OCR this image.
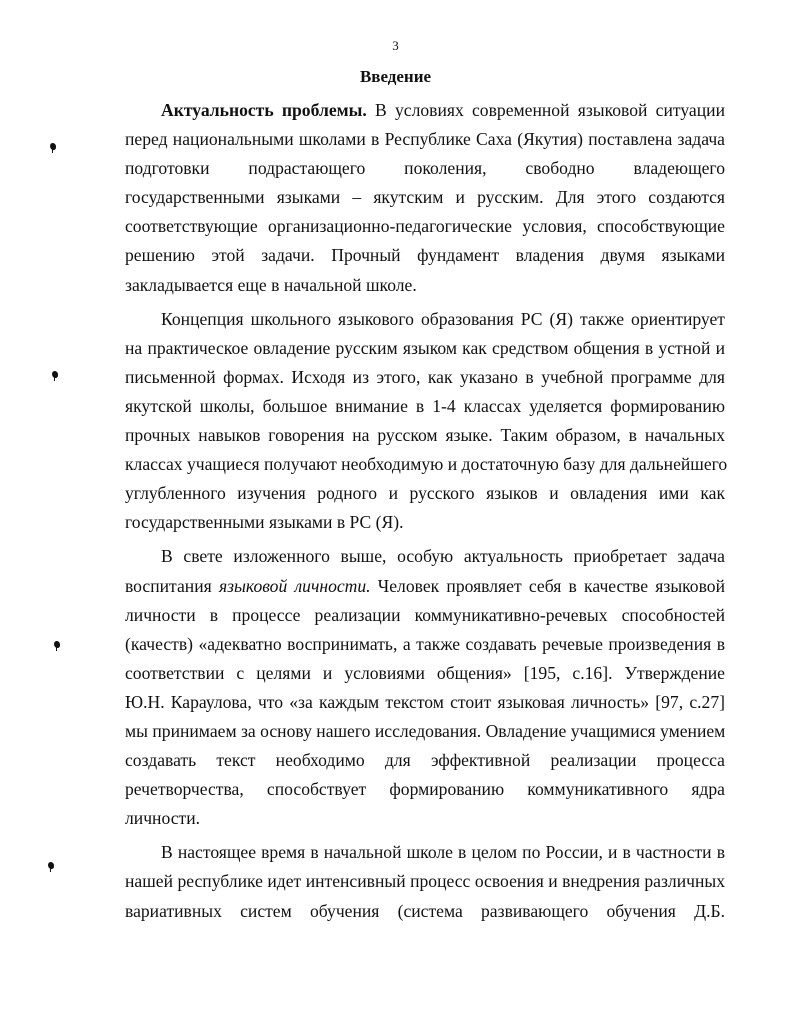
3
Введение
Актуальность проблемы. В условиях современной языковой ситуации
перед национальными школами в Республике Саха (Якутия) поставлена задача
подготовки подрастающего поколения, свободно владеющего
государственными языками – якутским и русским. Для этого создаются
соответствующие организационно-педагогические условия, способствующие
решению этой задачи. Прочный фундамент владения двумя языками
закладывается еще в начальной школе.
Концепция школьного языкового образования РС (Я) также ориентирует
на практическое овладение русским языком как средством общения в устной и
письменной формах. Исходя из этого, как указано в учебной программе для
якутской школы, большое внимание в 1-4 классах уделяется формированию
прочных навыков говорения на русском языке. Таким образом, в начальных
классах учащиеся получают необходимую и достаточную базу для дальнейшего
углубленного изучения родного и русского языков и овладения ими как
государственными языками в РС (Я).
В свете изложенного выше, особую актуальность приобретает задача
воспитания языковой личности. Человек проявляет себя в качестве языковой
личности в процессе реализации коммуникативно-речевых способностей
(качеств) «адекватно воспринимать, а также создавать речевые произведения в
соответствии с целями и условиями общения» [195, с.16]. Утверждение
Ю.Н. Караулова, что «за каждым текстом стоит языковая личность» [97, с.27]
мы принимаем за основу нашего исследования. Овладение учащимися умением
создавать текст необходимо для эффективной реализации процесса
речетворчества, способствует формированию коммуникативного ядра
личности.
В настоящее время в начальной школе в целом по России, и в частности в
нашей республике идет интенсивный процесс освоения и внедрения различных
вариативных систем обучения (система развивающего обучения Д.Б.
